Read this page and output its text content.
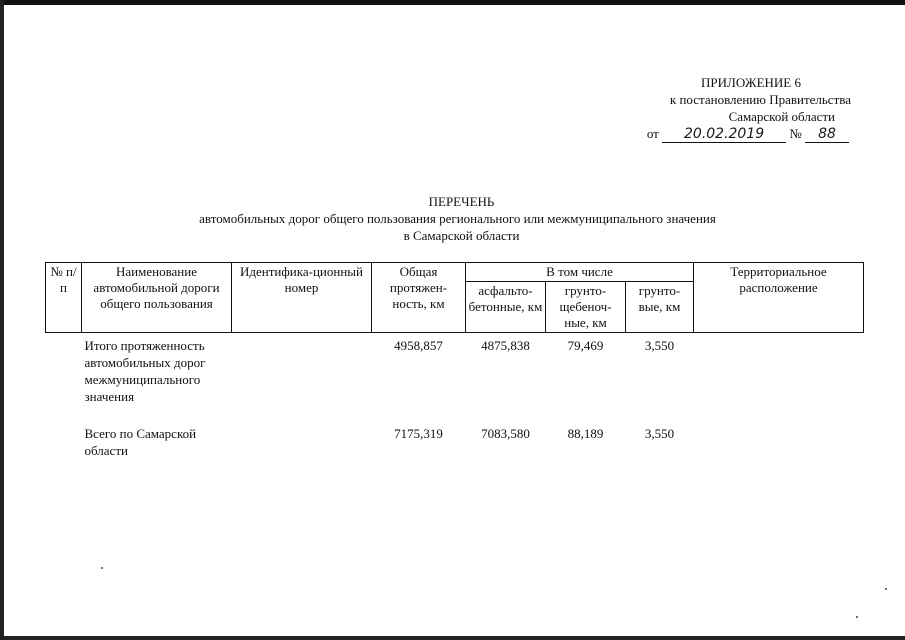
ПРИЛОЖЕНИЕ 6
к постановлению Правительства
Самарской области
от 20.02.2019 № 88
ПЕРЕЧЕНЬ
автомобильных дорог общего пользования регионального или межмуниципального значения
в Самарской области
№ п/п	Наименование автомобильной дороги общего пользования	Идентифика-ционный номер	Общая протяжен-ность, км	В том числе			Территориальное расположение
				асфальто-бетонные, км	грунто-щебеноч-ные, км	грунто-вые, км	
	Итого протяженность автомобильных дорог межмуниципального значения		4958,857	4875,838	79,469	3,550	

	Всего по Самарской области		7175,319	7083,580	88,189	3,550	
